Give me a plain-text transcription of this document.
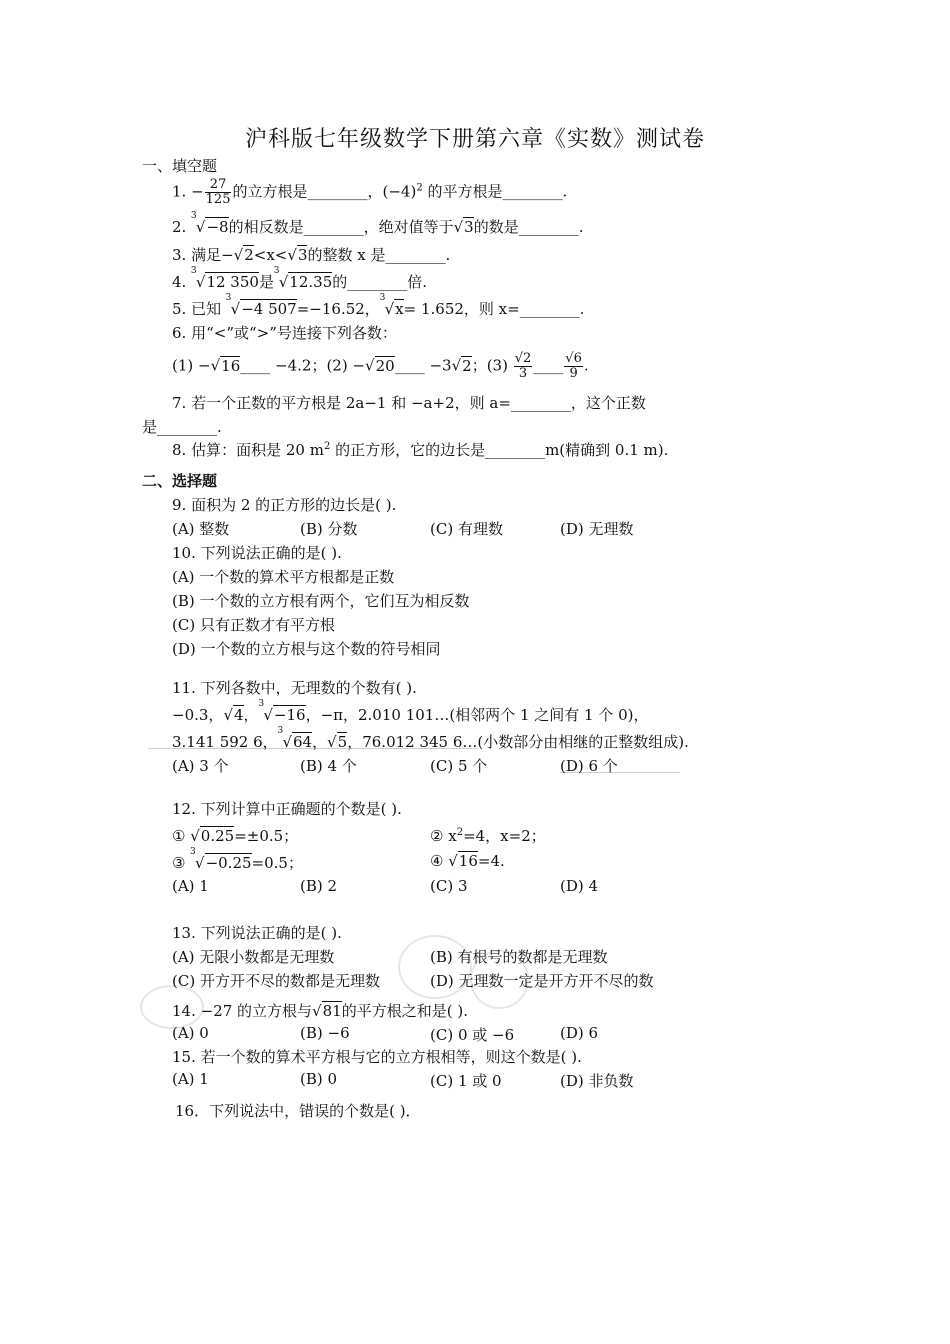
沪科版七年级数学下册第六章《实数》测试卷
一、填空题
1. − $\frac{27}{125}$ 的立方根是________，$(-4)^2$ 的平方根是________.
2.
3
√−8的相反数是________，绝对值等于√3的数是________.
3. 满足−√2<x<√3的整数 x 是________.
4.
3
√12 350是
3
√12.35的________倍.
5. 已知
3
√−4 507=−16.52，
3
√x= 1.652，则 x=________.
6. 用“<”或“>”号连接下列各数：
(1) −√16____ −4.2；(2) −√20____ −3√2；$(3) \frac{√2}{3}$ ____ $\frac{√6}{9}$ .
7. 若一个正数的平方根是 2a−1 和 −a+2，则 a=________，这个正数
是________.
8. 估算：面积是 20 $m^2$ 的正方形，它的边长是________m(精确到 0.1 m).
二、选择题
9. 面积为 2 的正方形的边长是( ).
(A) 整数	(B) 分数	(C) 有理数	(D) 无理数
10. 下列说法正确的是( ).
(A) 一个数的算术平方根都是正数
(B) 一个数的立方根有两个，它们互为相反数
(C) 只有正数才有平方根
(D) 一个数的立方根与这个数的符号相同
11. 下列各数中，无理数的个数有( ).
−0.3，√4，
3
√−16，−π，2.010 101…(相邻两个 1 之间有 1 个 0)，
3.141 592 6，
3
√64，√5，76.012 345 6…(小数部分由相继的正整数组成).
(A) 3 个	(B) 4 个	(C) 5 个	(D) 6 个
12. 下列计算中正确题的个数是( ).
① √0.25=±0.5；	② $x^2=4$，x=2；
③
3
√−0.25=0.5；	④ √16=4.
(A) 1	(B) 2	(C) 3	(D) 4
13. 下列说法正确的是( ).
(A) 无限小数都是无理数	(B) 有根号的数都是无理数
(C) 开方开不尽的数都是无理数	(D) 无理数一定是开方开不尽的数
14. −27 的立方根与√81的平方根之和是( ).
(A) 0	(B) −6	(C) 0 或 −6	(D) 6
15. 若一个数的算术平方根与它的立方根相等，则这个数是( ).
(A) 1	(B) 0	(C) 1 或 0	(D) 非负数
16．下列说法中，错误的个数是( )．
